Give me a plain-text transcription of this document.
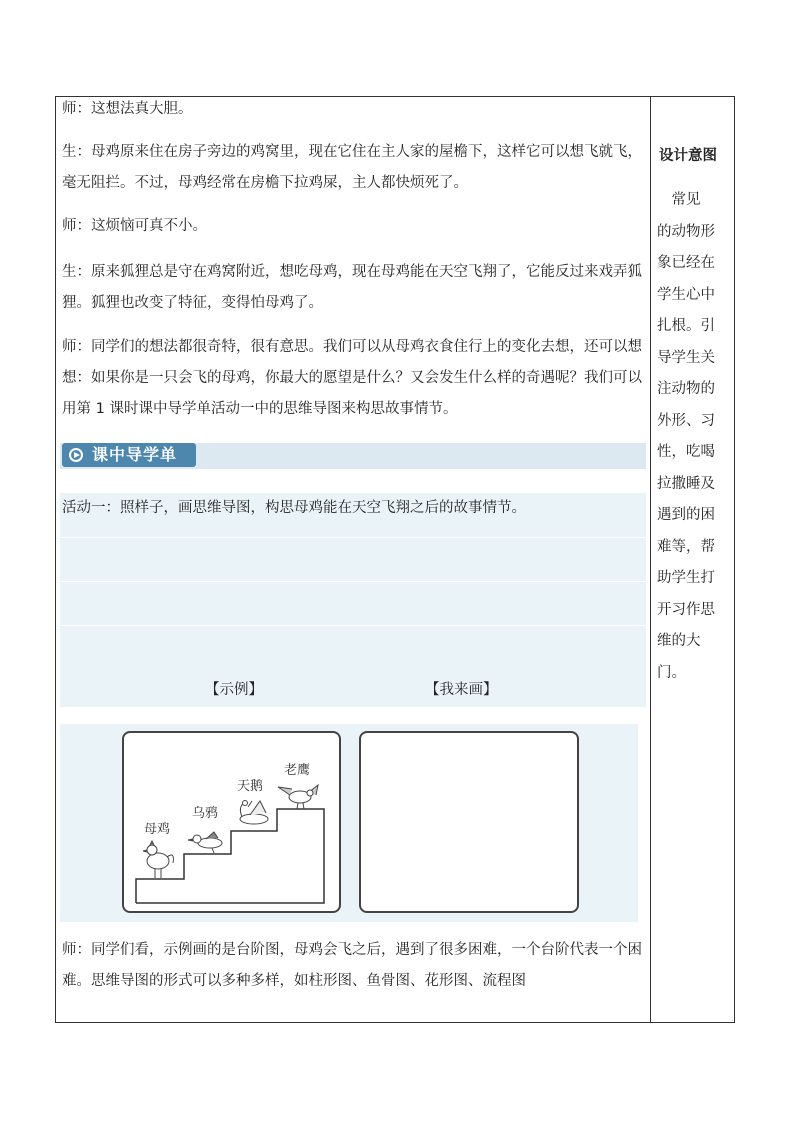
师：这想法真大胆。

生：母鸡原来住在房子旁边的鸡窝里，现在它住在主人家的屋檐下，这样它可以想飞就飞，毫无阻拦。不过，母鸡经常在房檐下拉鸡屎，主人都快烦死了。

师：这烦恼可真不小。

生：原来狐狸总是守在鸡窝附近，想吃母鸡，现在母鸡能在天空飞翔了，它能反过来戏弄狐狸。狐狸也改变了特征，变得怕母鸡了。

师：同学们的想法都很奇特，很有意思。我们可以从母鸡衣食住行上的变化去想，还可以想想：如果你是一只会飞的母鸡，你最大的愿望是什么？又会发生什么样的奇遇呢？我们可以用第 1 课时课中导学单活动一中的思维导图来构思故事情节。

课中导学单

活动一：照样子，画思维导图，构思母鸡能在天空飞翔之后的故事情节。

【示例】	【我来画】
母鸡
乌鸦
天鹅
老鹰

师：同学们看，示例画的是台阶图，母鸡会飞之后，遇到了很多困难，一个台阶代表一个困难。思维导图的形式可以多种多样，如柱形图、鱼骨图、花形图、流程图

设计意图
　常见
的动物形
象已经在
学生心中
扎根。引
导学生关
注动物的
外形、习
性，吃喝
拉撒睡及
遇到的困
难等，帮
助学生打
开习作思
维的大门。
